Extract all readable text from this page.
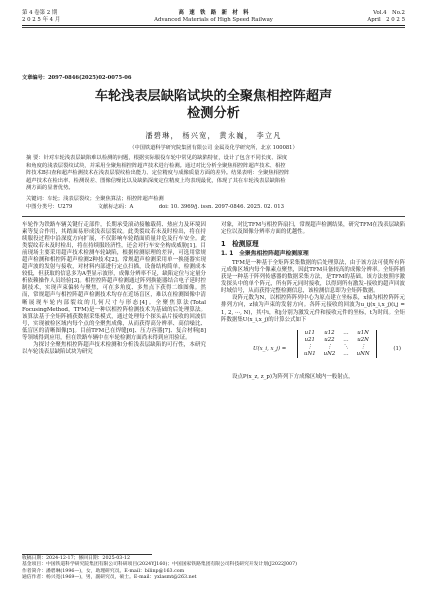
第 4 卷第 2 期
2 0 2 5 年 4 月
高　速　铁　路　新　材　料
Advanced Materials of High Speed Railway
Vol.4　No.2
April　2 0 2 5
文章编号：2097-0846(2025)02-0075-06
车轮浅表层缺陷试块的全聚焦相控阵超声
检测分析
潘碧琳， 杨兴宽， 黄永巍， 李立凡
（中国铁道科学研究院集团有限公司 金属及化学研究所，北京 100081）
摘 要：针对车轮浅表层缺陷难以检测的问题，根据实际服役车轮中常见的缺陷特征，设计了包含不同长度、深度
和角度的浅表层裂纹试块，并采用全聚焦相控阵超声技术进行检测。通过对比分析全聚焦相控阵超声技术、相控
阵技术B扫查和超声检测技术在浅表层裂纹检出能力、定位精度与成像质量方面的差异。结果表明：全聚焦相控阵
超声技术在检出率、检测误差、图像信噪比以及缺陷深度定位精度上均表现最优，体现了其在车轮浅表层缺陷检
测方面的显著优势。
关键词：车轮；浅表层裂纹；全聚焦算法；相控阵超声检测
中图分类号：U279	文献标志码：A	doi: 10. 3969/j. issn. 2097-0846. 2025. 02. 013

车轮作为铁路车辆关键行走部件，长期承受滚动接触载荷、热应力及环境因素等复合作用，其踏面易形成浅表层裂纹。此类裂纹若未及时检出，将在持续服役过程中沿深度方向扩展，不仅影响车轮踏面质量并危及行车安全。此类裂纹若未及时检出，将在持续服经济性，还会对行车安全构成威胁[1]。目前现场主要采用超声技术检测车轮缺陷，根据检测原理的差异，可选用常规超声检测和相控阵超声检测2种技术[2]。常规超声检测采用单一换能器实现超声波的发射与接收，对材料内部进行定点扫描，设备结构简单，检测成本较低，但获取的信息多为A型显示波形，成像分辨率不足，缺陷定位与定量分析依赖操作人员经验[3]。相控控阵超声检测通过阵列换能器结合电子延时控制技术，实现声束偏转与聚焦，可在多角度、多焦点下获得二维图像。然而，常规超声与相控阵超声检测技术均存在近场盲区，难以在检测图像中清晰展现车轮内部裂纹的几何尺寸与形态[4]。全聚焦算法(Total FocusingMethod，TFM)是一种以相控阵检测技术为基础的后处理算法。该算法基于全矩阵捕获数据采集模式，通过处理每个探头晶片接收的回波信号，实现被检区域内每个点的全聚焦成像，从而获得高分辨率、高信噪比、低盲区的清晰图像[5]。目前TFM已在焊缝[6]、压力容器[7]、复合材料[8]等领域得到应用，但在铁路车辆中在车轮检测方面尚未得到应用验证。

为探讨全聚焦相控阵超声技术检测和分析浅表层缺陷的可行性，本研究以车轮浅表层缺陷试块为研究

对象，对比TFM与相控阵扇扫，常规超声检测结果，研究TFM在浅表层缺陷定位以及图像分辨率方面的优越性。

1　检测原理
1. 1　全聚焦相控阵超声检测原理

TFM是一种基于全矩阵采集数据的后处理算法，由于该方法可使所有阵元成像区域内每个像素点聚焦，因此TFM具备较高的成像分辨率。全矩阵捕获是一种基于阵列传感器的数据采集方法，是TFM的基础。该方法按照序激发探头中的单个阵元，所有阵元同时接收，以得到所有激发–接收的超声回波时域信号，从而获得完整检测信息，该检测信息即为全矩阵数据。

设阵元数为N，以相控阵阵列中心为原点建立坐标系，x轴为相控阵阵元排列方向，z轴为声束的发射方向。各阵元接收的回波为u_ij(x_i,x_j)(i,j = 1, 2, ···, N)，其中i，和j分别为激发元件和接收元件的坐标，t为时间。全矩阵数据集U(x_i,x_j)的计算公式如下

U(x_i, x_j) =
u11	u12	…	u1N
u21	u22	…	u2N
⋮	⋮	⋱	⋮
uN1	uN2	…	uNN
(1)

设点P(x_z, z_p)为阵列下方成像区域内一般射点，

收稿日期：2024-12-17；修回日期：2025-03-12
基金项目：中国铁道科学研究院集团有限公司科研项目(2024YJ160)；中国国家铁路集团有限公司科技研究开发计划(J2022J007)
作者简介：潘碧琳(1996—)，女，助理研究员。E-mail：bilinp@163.com
通信作者：杨兴宽(1969—)，男，副研究员，硕士。E-mail：yxlasmt@263.net
